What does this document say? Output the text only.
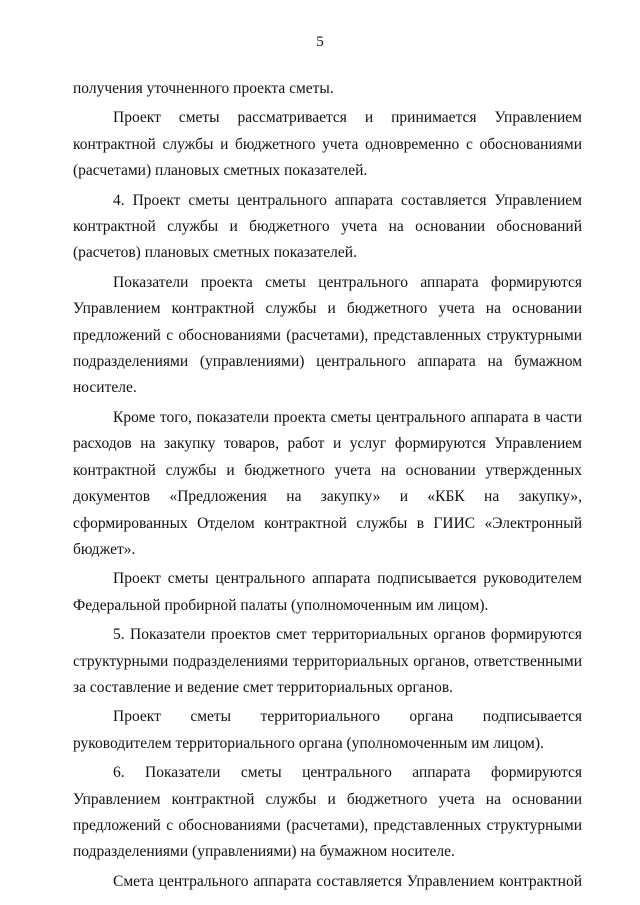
5

получения уточненного проекта сметы.

Проект сметы рассматривается и принимается Управлением контрактной службы и бюджетного учета одновременно с обоснованиями (расчетами) плановых сметных показателей.

4. Проект сметы центрального аппарата составляется Управлением контрактной службы и бюджетного учета на основании обоснований (расчетов) плановых сметных показателей.

Показатели проекта сметы центрального аппарата формируются Управлением контрактной службы и бюджетного учета на основании предложений с обоснованиями (расчетами), представленных структурными подразделениями (управлениями) центрального аппарата на бумажном носителе.

Кроме того, показатели проекта сметы центрального аппарата в части расходов на закупку товаров, работ и услуг формируются Управлением контрактной службы и бюджетного учета на основании утвержденных документов «Предложения на закупку» и «КБК на закупку», сформированных Отделом контрактной службы в ГИИС «Электронный бюджет».

Проект сметы центрального аппарата подписывается руководителем Федеральной пробирной палаты (уполномоченным им лицом).

5. Показатели проектов смет территориальных органов формируются структурными подразделениями территориальных органов, ответственными за составление и ведение смет территориальных органов.

Проект сметы территориального органа подписывается руководителем территориального органа (уполномоченным им лицом).

6. Показатели сметы центрального аппарата формируются Управлением контрактной службы и бюджетного учета на основании предложений с обоснованиями (расчетами), представленных структурными подразделениями (управлениями) на бумажном носителе.

Смета центрального аппарата составляется Управлением контрактной
